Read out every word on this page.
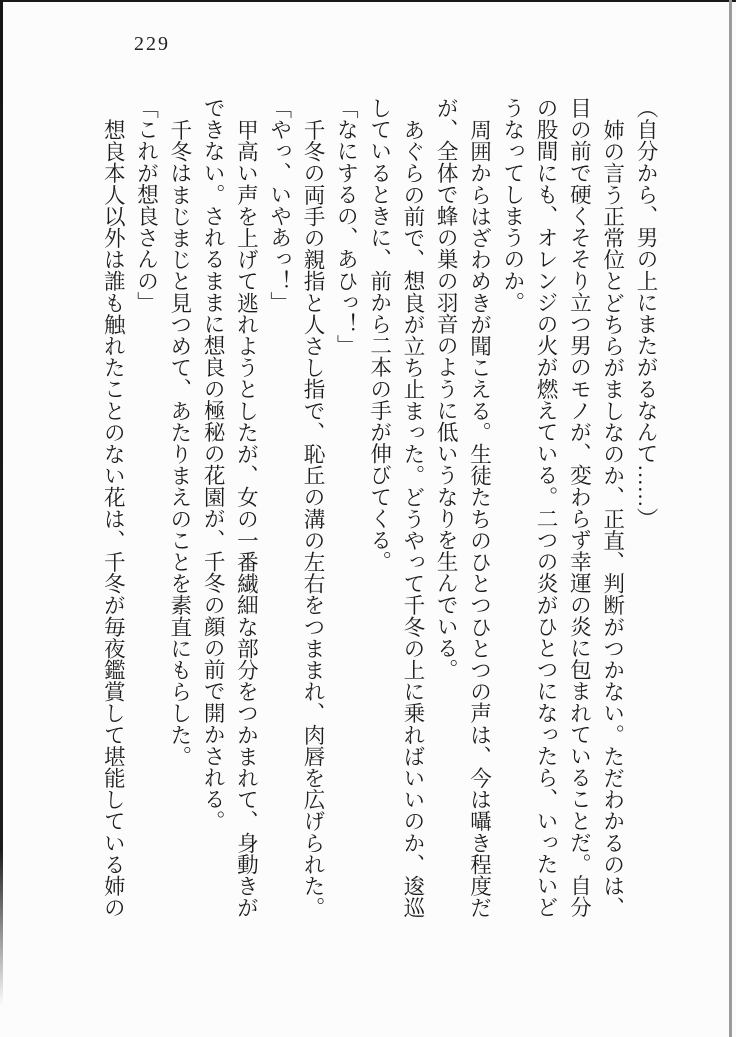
229

（自分から、男の上にまたがるなんて……）

姉の言う正常位とどちらがましなのか、正直、判断がつかない。ただわかるのは、目の前で硬くそそり立つ男のモノが、変わらず幸運の炎に包まれていることだ。自分の股間にも、オレンジの火が燃えている。二つの炎がひとつになったら、いったいどうなってしまうのか。

周囲からはざわめきが聞こえる。生徒たちのひとつひとつの声は、今は囁き程度だが、全体で蜂の巣の羽音のように低いうなりを生んでいる。

あぐらの前で、想良が立ち止まった。どうやって千冬の上に乗ればいいのか、逡巡しているときに、前から二本の手が伸びてくる。

「なにするの、あひっ！」

千冬の両手の親指と人さし指で、恥丘の溝の左右をつままれ、肉唇を広げられた。

「やっ、いやあっ！」

甲高い声を上げて逃れようとしたが、女の一番繊細な部分をつかまれて、身動きができない。されるままに想良の極秘の花園が、千冬の顔の前で開かされる。

千冬はまじまじと見つめて、あたりまえのことを素直にもらした。

「これが想良さんの」

想良本人以外は誰も触れたことのない花は、千冬が毎夜鑑賞して堪能している姉の
